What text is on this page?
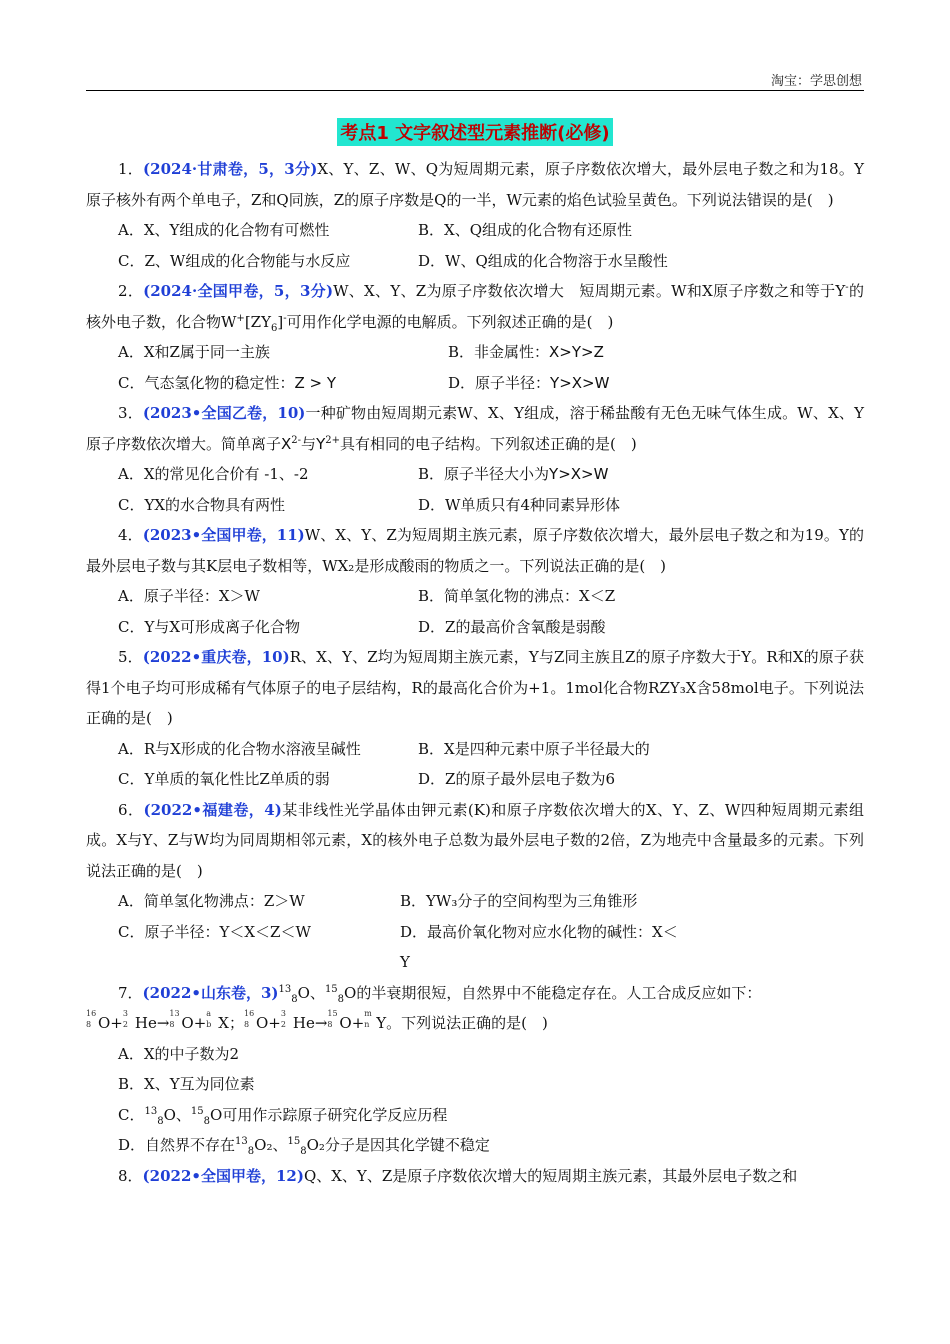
淘宝：学思创想
考点1 文字叙述型元素推断(必修)

1．(2024·甘肃卷，5，3分)X、Y、Z、W、Q为短周期元素，原子序数依次增大，最外层电子数之和为18。Y原子核外有两个单电子，Z和Q同族，Z的原子序数是Q的一半，W元素的焰色试验呈黄色。下列说法错误的是(　)

A．X、Y组成的化合物有可燃性	B．X、Q组成的化合物有还原性
C．Z、W组成的化合物能与水反应	D．W、Q组成的化合物溶于水呈酸性

2．(2024·全国甲卷，5，3分)W、X、Y、Z为原子序数依次增大　短周期元素。W和X原子序数之和等于Y-的核外电子数，化合物$W^+[ZY_6]^-$可用作化学电源的电解质。下列叙述正确的是(　)

A．X和Z属于同一主族	B．非金属性：X>Y>Z
C．气态氢化物的稳定性：Z > Y	D．原子半径：Y>X>W

3．(2023•全国乙卷，10)一种矿物由短周期元素W、X、Y组成，溶于稀盐酸有无色无味气体生成。W、X、Y原子序数依次增大。简单离子$X^{2-}$与$Y^{2+}$具有相同的电子结构。下列叙述正确的是(　)

A．X的常见化合价有 -1、-2	B．原子半径大小为Y>X>W
C．YX的水合物具有两性	D．W单质只有4种同素异形体

4．(2023•全国甲卷，11)W、X、Y、Z为短周期主族元素，原子序数依次增大，最外层电子数之和为19。Y的最外层电子数与其K层电子数相等，WX₂是形成酸雨的物质之一。下列说法正确的是(　)

A．原子半径：X＞W	B．简单氢化物的沸点：X＜Z
C．Y与X可形成离子化合物	D．Z的最高价含氧酸是弱酸

5．(2022•重庆卷，10)R、X、Y、Z均为短周期主族元素，Y与Z同主族且Z的原子序数大于Y。R和X的原子获得1个电子均可形成稀有气体原子的电子层结构，R的最高化合价为+1。1mol化合物RZY₃X含58mol电子。下列说法正确的是(　)

A．R与X形成的化合物水溶液呈碱性	B．X是四种元素中原子半径最大的
C．Y单质的氧化性比Z单质的弱	D．Z的原子最外层电子数为6

6．(2022•福建卷，4)某非线性光学晶体由钾元素(K)和原子序数依次增大的X、Y、Z、W四种短周期元素组成。X与Y、Z与W均为同周期相邻元素，X的核外电子总数为最外层电子数的2倍，Z为地壳中含量最多的元素。下列说法正确的是(　)

A．简单氢化物沸点：Z＞W	B．YW₃分子的空间构型为三角锥形
C．原子半径：Y＜X＜Z＜W	D．最高价氧化物对应水化物的碱性：X＜Y

7．(2022•山东卷，3)$^{13}_8$O、$^{15}_8$O的半衰期很短，自然界中不能稳定存在。人工合成反应如下：

16
8 O+
3
2 He→
13
8 O+
a
b X；
16
8 O+
3
2 He→
15
8 O+
m
n Y。下列说法正确的是(　)

A．X的中子数为2

B．X、Y互为同位素

C．$^{13}_8$O、$^{15}_8$O可用作示踪原子研究化学反应历程

D．自然界不存在$^{13}_8$O₂、$^{15}_8$O₂分子是因其化学键不稳定

8．(2022•全国甲卷，12)Q、X、Y、Z是原子序数依次增大的短周期主族元素，其最外层电子数之和
